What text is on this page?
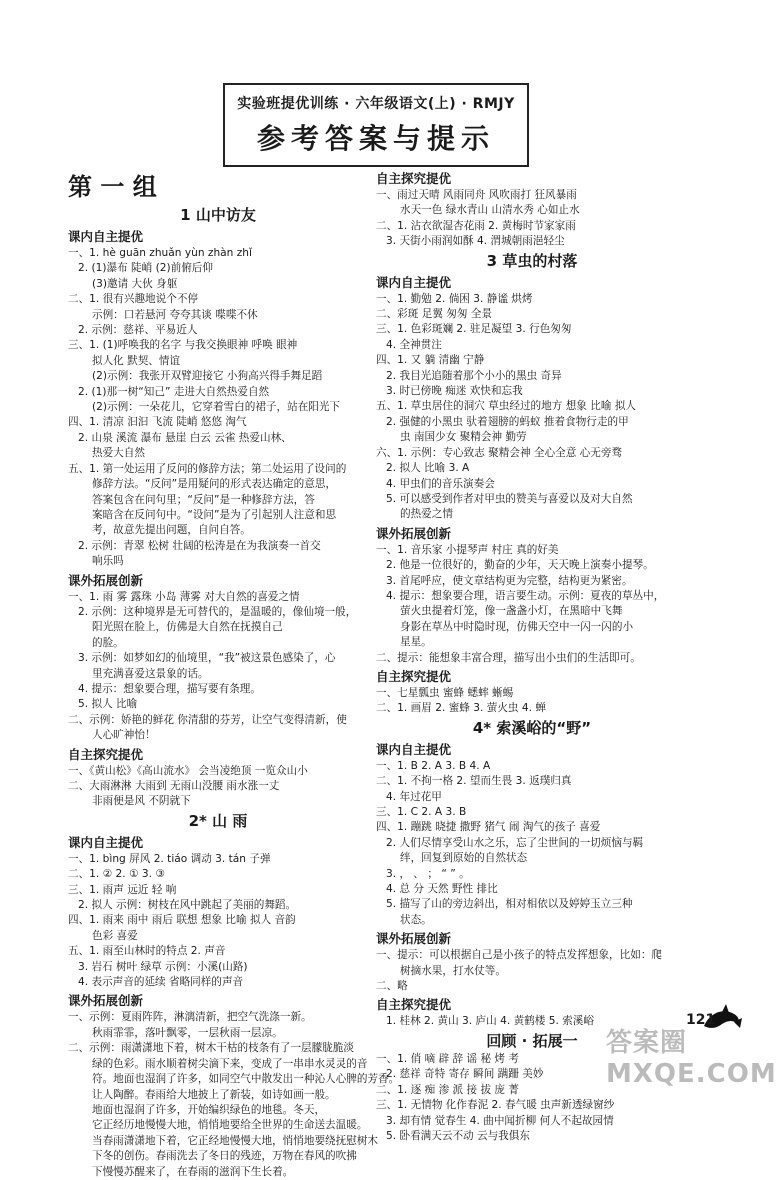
实验班提优训练 · 六年级语文(上) · RMJY
参考答案与提示
第 一 组
1 山中访友
课内自主提优
一、1. hè guān zhuǎn yùn zhàn zhǐ
2. (1)瀑布 陡峭 (2)前俯后仰
(3)邀请 大伙 身躯
二、1. 很有兴趣地说个不停
示例：口若悬河 夸夸其谈 喋喋不休
2. 示例：慈祥、平易近人
三、1. (1)呼唤我的名字 与我交换眼神 呼唤 眼神
拟人化 默契、情谊
(2)示例：我张开双臂迎接它 小狗高兴得手舞足蹈
2. (1)那一树“知己” 走进大自然热爱自然
(2)示例：一朵花儿，它穿着雪白的裙子，站在阳光下
四、1. 清凉 汩汩 飞流 陡峭 悠悠 淘气
2. 山泉 溪流 瀑布 悬崖 白云 云雀 热爱山林、
热爱大自然
五、1. 第一处运用了反问的修辞方法；第二处运用了设问的
修辞方法。“反问”是用疑问的形式表达确定的意思，
答案包含在问句里；“反问”是一种修辞方法，答
案暗含在反问句中。“设问”是为了引起别人注意和思
考，故意先提出问题，自问自答。
2. 示例：青翠 松树 壮阔的松涛是在为我演奏一首交
响乐吗
课外拓展创新
一、1. 雨 雾 露珠 小岛 薄雾 对大自然的喜爱之情
2. 示例：这种境界是无可替代的，是温暖的，像仙境一般，
阳光照在脸上，仿佛是大自然在抚摸自己
的脸。
3. 示例：如梦如幻的仙境里，“我”被这景色感染了，心
里充满喜爱这景象的话。
4. 提示：想象要合理，描写要有条理。
5. 拟人 比喻
二、示例：娇艳的鲜花 你清甜的芬芳，让空气变得清新，使
人心旷神怡！
自主探究提优
一、《黄山松》《高山流水》 会当凌绝顶 一览众山小
二、大雨淋淋 大雨到 无雨山没腰 雨水涨一丈
非雨便是风 不阴就下
2* 山 雨
课内自主提优
一、1. bìng 屏风 2. tiáo 调动 3. tán 子弹
二、1. ② 2. ① 3. ③
三、1. 雨声 远近 轻 响
2. 拟人 示例：树枝在风中跳起了美丽的舞蹈。
四、1. 雨来 雨中 雨后 联想 想象 比喻 拟人 音韵
色彩 喜爱
五、1. 雨至山林时的特点 2. 声音
3. 岩石 树叶 绿草 示例：小溪(山路)
4. 表示声音的延续 省略同样的声音
课外拓展创新
一、示例：夏雨阵阵，淋漓清新，把空气洗涤一新。
秋雨霏霏，落叶飘零，一层秋雨一层凉。
二、示例：雨潇潇地下着，树木干枯的枝条有了一层朦胧脆淡
绿的色彩。雨水顺着树尖滴下来，变成了一串串水灵灵的音
符。地面也湿润了许多，如同空气中散发出一种沁人心脾的芳香。
让人陶醉。春雨给大地披上了新装，如诗如画一般。
地面也湿润了许多，开始编织绿色的地毯。冬天，
它正经历地慢慢大地，悄悄地要给全世界的生命送去温暖。
当春雨潇潇地下着，它正经地慢慢大地，悄悄地要绕抚慰树木
下冬的创伤。春雨洗去了冬日的残迹，万物在春风的吹拂
下慢慢苏醒来了，在春雨的滋润下生长着。
自主探究提优
一、雨过天晴 风雨同舟 风吹雨打 狂风暴雨
水天一色 绿水青山 山清水秀 心如止水
二、1. 沾衣欲湿杏花雨 2. 黄梅时节家家雨
3. 天街小雨润如酥 4. 渭城朝雨浥轻尘
3 草虫的村落
课内自主提优
一、1. 勤勉 2. 倘困 3. 静谧 烘烤
二、彩斑 足翼 匆匆 全景
三、1. 色彩斑斓 2. 驻足凝望 3. 行色匆匆
4. 全神贯注
四、1. 又 躺 清幽 宁静
2. 我目光追随着那个小小的黑虫 奇异
3. 时已傍晚 痴迷 欢快和忘我
五、1. 草虫居住的洞穴 草虫经过的地方 想象 比喻 拟人
2. 强健的小黑虫 驮着翅膀的蚂蚁 推着食物行走的甲
虫 南国少女 聚精会神 勤劳
六、1. 示例：专心致志 聚精会神 全心全意 心无旁骛
2. 拟人 比喻 3. A
4. 甲虫们的音乐演奏会
5. 可以感受到作者对甲虫的赞美与喜爱以及对大自然
的热爱之情
课外拓展创新
一、1. 音乐家 小提琴声 村庄 真的好美
2. 他是一位很好的，勤奋的少年，天天晚上演奏小提琴。
3. 首尾呼应，使文章结构更为完整，结构更为紧密。
4. 提示：想象要合理，语言要生动。示例：夏夜的草丛中，
萤火虫提着灯笼，像一盏盏小灯，在黑暗中飞舞
身影在草丛中时隐时现，仿佛天空中一闪一闪的小
星星。
二、提示：能想象丰富合理，描写出小虫们的生活即可。
自主探究提优
一、七星瓢虫 蜜蜂 蟋蟀 蜥蜴
二、1. 画眉 2. 蜜蜂 3. 萤火虫 4. 蝉
4* 索溪峪的“野”
课内自主提优
一、1. B 2. A 3. B 4. A
二、1. 不拘一格 2. 望而生畏 3. 返璞归真
4. 年过花甲
三、1. C 2. A 3. B
四、1. 蹦跳 晓捷 撒野 猪气 闹 淘气的孩子 喜爱
2. 人们尽情享受山水之乐，忘了尘世间的一切烦恼与羁
绊，回复到原始的自然状态
3. ， 、 ； “ ” 。
4. 总 分 天然 野性 排比
5. 描写了山的旁边斜出，相对相依以及婷婷玉立三种
状态。
课外拓展创新
一、提示：可以根据自己是小孩子的特点发挥想象，比如：爬
树摘水果，打水仗等。
二、略
自主探究提优
1. 桂林 2. 黄山 3. 庐山 4. 黄鹤楼 5. 索溪峪
回顾 · 拓展一
一、1. 俏 嘀 辟 辞 谣 秘 烤 考
2. 慈祥 奇特 寄存 瞬间 蹒跚 美妙
二、1. 逐 痴 渗 派 接 拔 庞 菁
三、1. 无情物 化作春泥 2. 春气暖 虫声新透绿窗纱
3. 却有情 觉春生 4. 曲中闻折柳 何人不起故园情
5. 卧看满天云不动 云与我俱东
121
答案圈 MXQE.COM
